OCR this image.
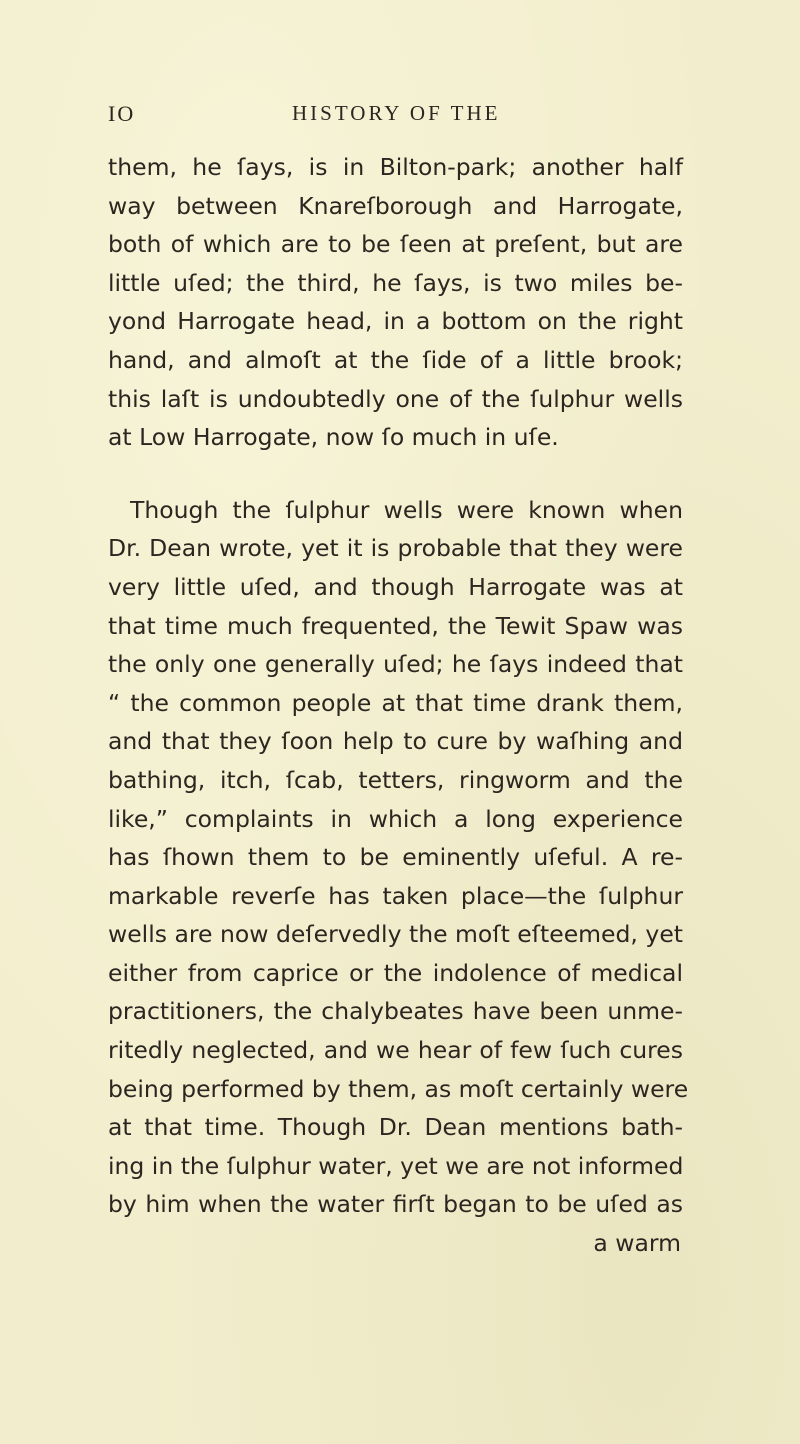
IO	HISTORY OF THE
them, he ſays, is in Bilton-park; another half
way between Knareſborough and Harrogate,
both of which are to be ſeen at preſent, but are
little uſed; the third, he ſays, is two miles be-
yond Harrogate head, in a bottom on the right
hand, and almoſt at the ſide of a little brook;
this laſt is undoubtedly one of the ſulphur wells
at Low Harrogate, now ſo much in uſe.
Though the ſulphur wells were known when
Dr. Dean wrote, yet it is probable that they were
very little uſed, and though Harrogate was at
that time much frequented, the Tewit Spaw was
the only one generally uſed; he ſays indeed that
“ the common people at that time drank them,
and that they ſoon help to cure by waſhing and
bathing, itch, ſcab, tetters, ringworm and the
like,” complaints in which a long experience
has ſhown them to be eminently uſeful. A re-
markable reverſe has taken place—the ſulphur
wells are now deſervedly the moſt eſteemed, yet
either from caprice or the indolence of medical
practitioners, the chalybeates have been unme-
ritedly neglected, and we hear of few ſuch cures
being performed by them, as moſt certainly were
at that time. Though Dr. Dean mentions bath-
ing in the ſulphur water, yet we are not informed
by him when the water firſt began to be uſed as
a warm
